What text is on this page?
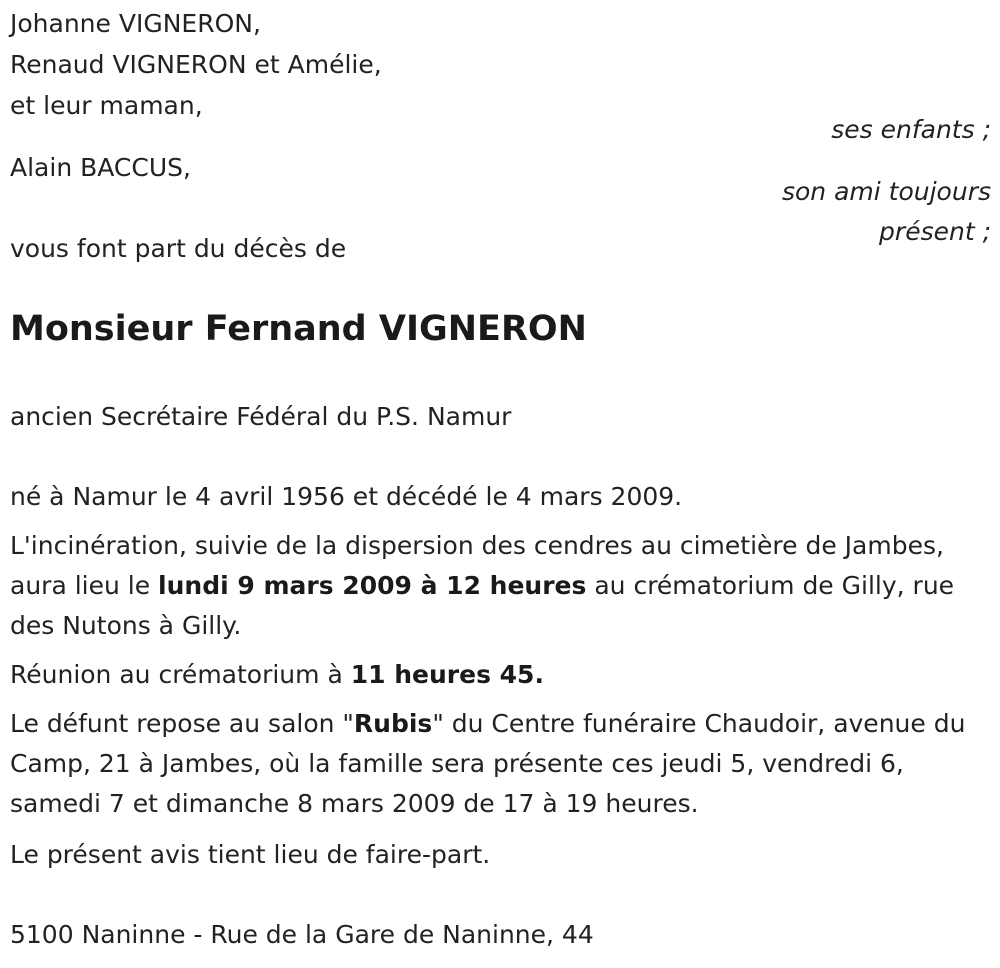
Johanne VIGNERON,
Renaud VIGNERON et Amélie,
et leur maman,
ses enfants ;
Alain BACCUS,
son ami toujours
présent ;
vous font part du décès de
Monsieur Fernand VIGNERON
ancien Secrétaire Fédéral du P.S. Namur
né à Namur le 4 avril 1956 et décédé le 4 mars 2009.
L'incinération, suivie de la dispersion des cendres au cimetière de Jambes, aura lieu le lundi 9 mars 2009 à 12 heures au crématorium de Gilly, rue des Nutons à Gilly.
Réunion au crématorium à 11 heures 45.
Le défunt repose au salon "Rubis" du Centre funéraire Chaudoir, avenue du Camp, 21 à Jambes, où la famille sera présente ces jeudi 5, vendredi 6, samedi 7 et dimanche 8 mars 2009 de 17 à 19 heures.
Le présent avis tient lieu de faire-part.
5100 Naninne - Rue de la Gare de Naninne, 44
